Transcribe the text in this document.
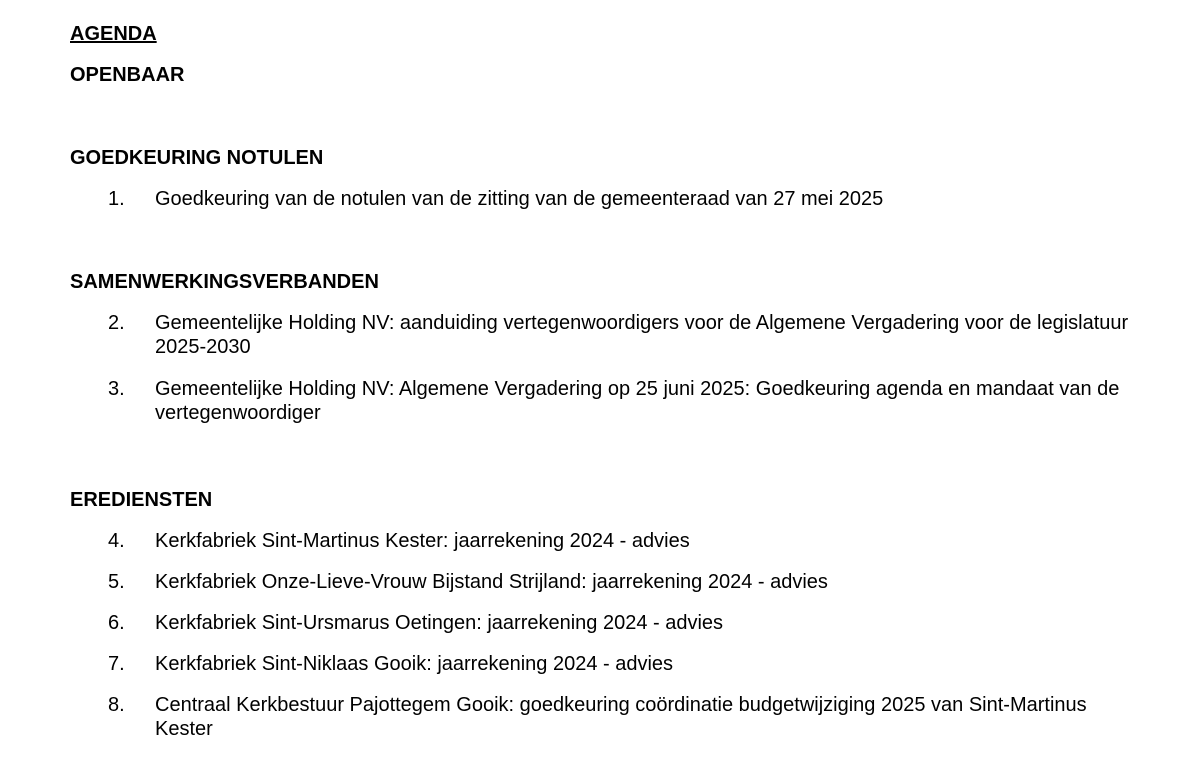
AGENDA
OPENBAAR
GOEDKEURING NOTULEN
1.	Goedkeuring van de notulen van de zitting van de gemeenteraad van 27 mei 2025
SAMENWERKINGSVERBANDEN
2.	Gemeentelijke Holding NV: aanduiding vertegenwoordigers voor de Algemene Vergadering voor de legislatuur 2025-2030
3.	Gemeentelijke Holding NV: Algemene Vergadering op 25 juni 2025: Goedkeuring agenda en mandaat van de vertegenwoordiger
EREDIENSTEN
4.	Kerkfabriek Sint-Martinus Kester: jaarrekening 2024 - advies
5.	Kerkfabriek Onze-Lieve-Vrouw Bijstand Strijland: jaarrekening 2024 - advies
6.	Kerkfabriek Sint-Ursmarus Oetingen: jaarrekening 2024 - advies
7.	Kerkfabriek Sint-Niklaas Gooik: jaarrekening 2024 - advies
8.	Centraal Kerkbestuur Pajottegem Gooik: goedkeuring coördinatie budgetwijziging 2025 van Sint-Martinus Kester
